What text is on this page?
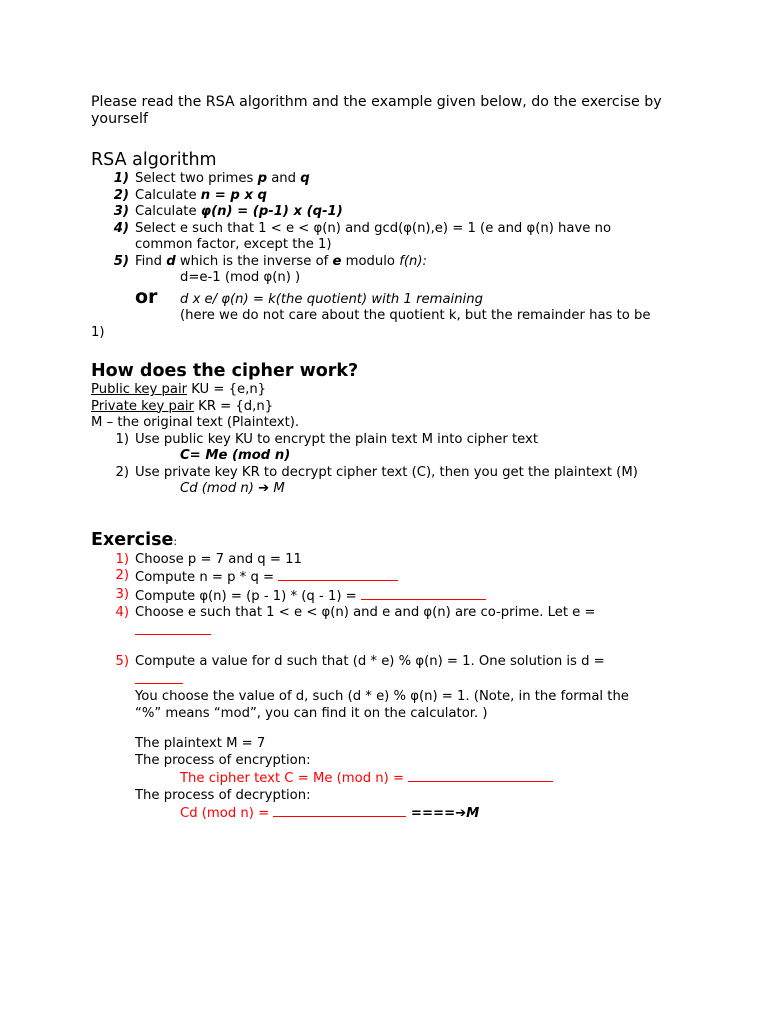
Please read the RSA algorithm and the example given below, do the exercise by yourself

RSA algorithm
1) Select two primes p and q
2) Calculate n = p x q
3) Calculate φ(n) = (p-1) x (q-1)
4) Select e such that 1 < e < φ(n) and gcd(φ(n),e) = 1 (e and φ(n) have no
common factor, except the 1)
5) Find d which is the inverse of e modulo f(n):
d=e-1 (mod φ(n) )
or d x e/ φ(n) = k(the quotient) with 1 remaining
(here we do not care about the quotient k, but the remainder has to be
1)
How does the cipher work?
Public key pair KU = {e,n}
Private key pair KR = {d,n}
M – the original text (Plaintext).
1) Use public key KU to encrypt the plain text M into cipher text
C= Me (mod n)
2) Use private key KR to decrypt cipher text (C), then you get the plaintext (M)
Cd (mod n) ➔ M
Exercise:
1) Choose p = 7 and q = 11
2) Compute n = p * q =
3) Compute φ(n) = (p - 1) * (q - 1) =
4) Choose e such that 1 < e < φ(n) and e and φ(n) are co-prime. Let e =

5) Compute a value for d such that (d * e) % φ(n) = 1. One solution is d =

You choose the value of d, such (d * e) % φ(n) = 1. (Note, in the formal the
“%” means “mod”, you can find it on the calculator. )
The plaintext M = 7
The process of encryption:
The cipher text C = Me (mod n) =
The process of decryption:
Cd (mod n) =	====➔M
